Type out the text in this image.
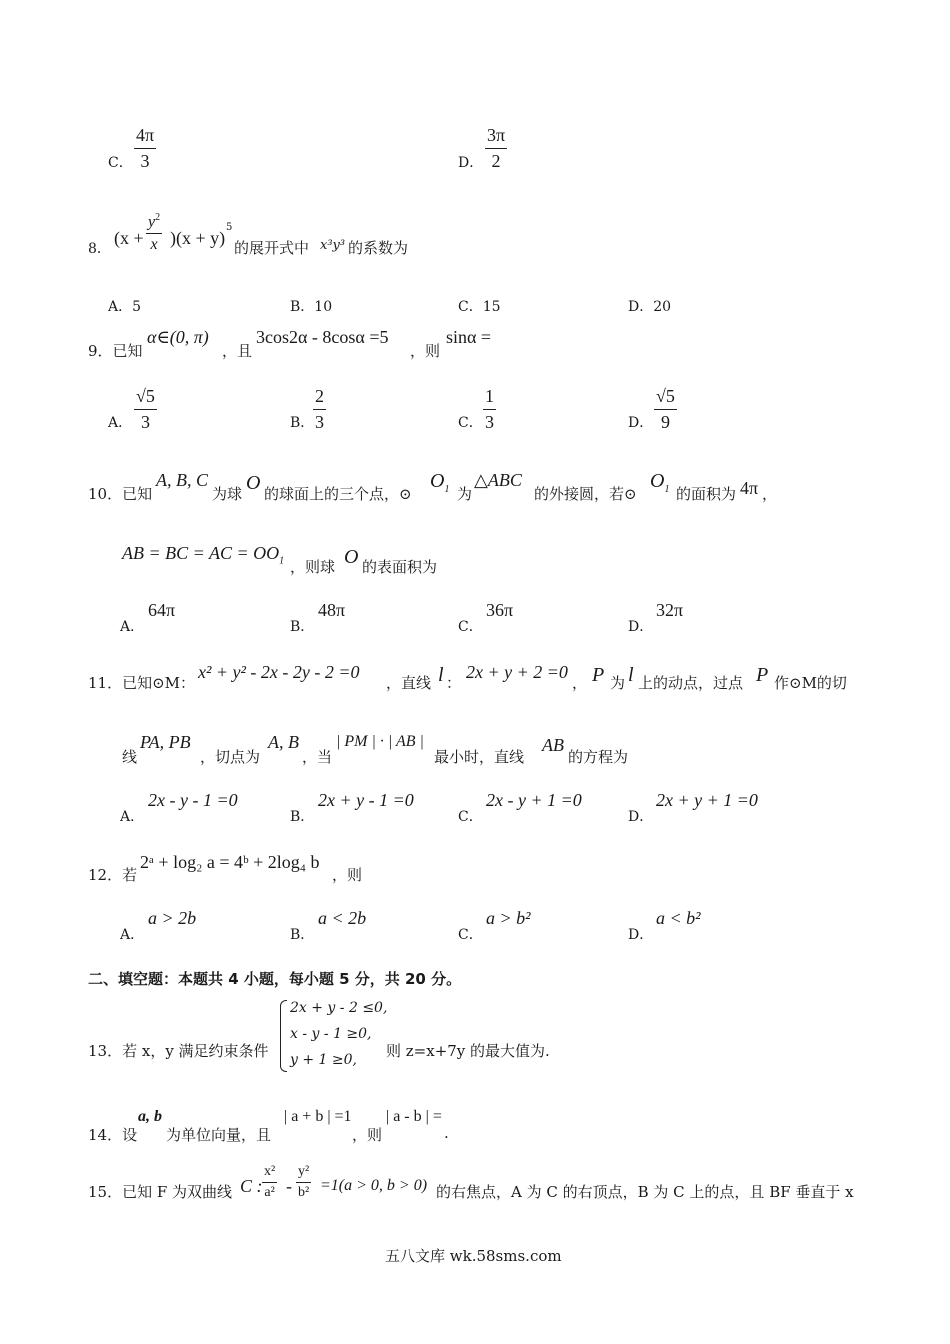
C．
4π
3	D．
3π
2
8．
(x +
$y^2$
x )(x + y)
5
的展开式中 x³y³ 的系数为
A．5	B．10	C．15	D．20
9．已知
α∈(0, π)
，且
3cos2α - 8cosα =5
，则
sinα =
A．
√5
3	B．
2
3	C．
1
3	D．
√5
9
10．已知
A, B, C
为球 O 的球面上的三个点，⊙
$O_1$ 为
△ABC
的外接圆，若⊙
$O_1$ 的面积为 4π ，
AB = BC = AC = $OO_1$ ，则球 O 的表面积为
A．
64π
B．
48π
C．
36π
D．
32π
11．已知⊙M：
x² + y² - 2x - 2y - 2 =0
，直线 l ：
2x + y + 2 =0
， P 为 l 上的动点，过点 P 作⊙M的切
线
PA, PB
，切点为
A, B
，当
| PM | · | AB |
最小时，直线
AB
的方程为
A．
2x - y - 1 =0
B．
2x + y - 1 =0
C．
2x - y + 1 =0
D．
2x + y + 1 =0
12．若
2ᵃ + log₂ a = 4ᵇ + 2log₄ b
，则
A．
a > 2b
B．
a < 2b
C．
a > b²
D．
a < b²
二、填空题：本题共 4 小题，每小题 5 分，共 20 分。
13．若 x，y 满足约束条件
2x + y - 2 ≤0,
x - y - 1 ≥0,
y + 1 ≥0, 则 z=x+7y 的最大值为.
14．设
a, b
为单位向量，且
| a + b | =1
，则
| a - b | =
.
15．已知 F 为双曲线 C :
x²
a² -
y²
b² =1(a > 0, b > 0) 的右焦点，A 为 C 的右顶点，B 为 C 上的点，且 BF 垂直于 x
五八文库 wk.58sms.com
